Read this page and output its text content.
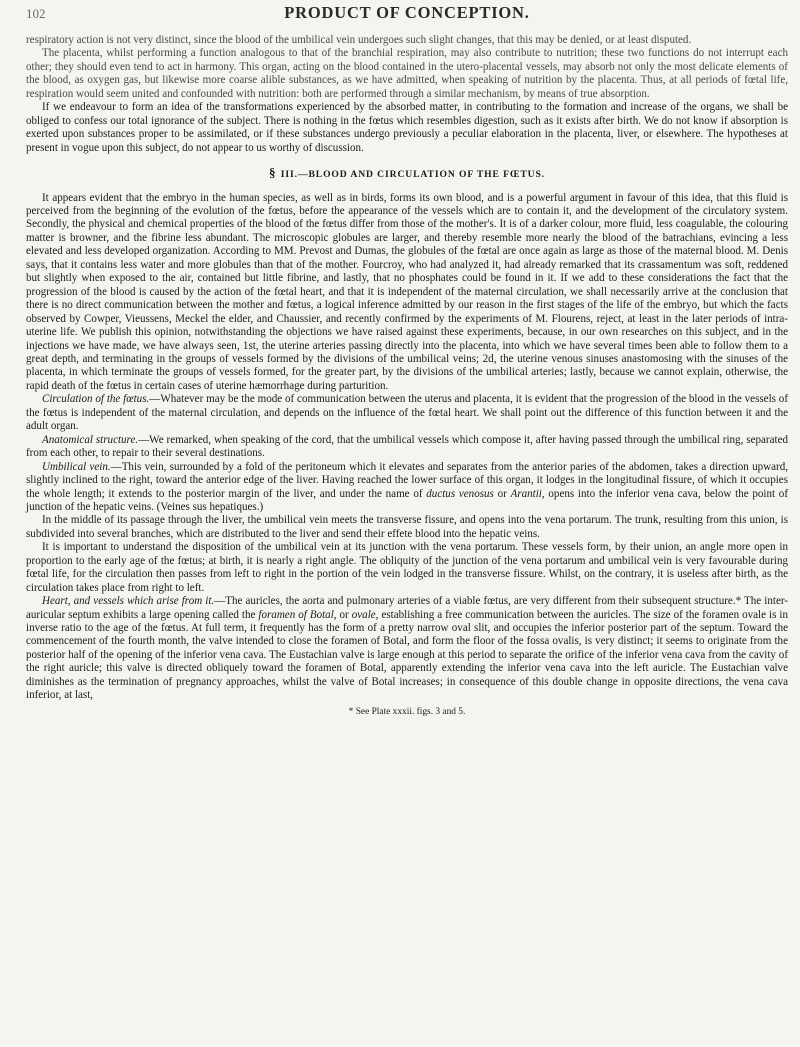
102	PRODUCT OF CONCEPTION.

respiratory action is not very distinct, since the blood of the umbilical vein undergoes such slight changes, that this may be denied, or at least disputed.

The placenta, whilst performing a function analogous to that of the branchial respiration, may also contribute to nutrition; these two functions do not interrupt each other; they should even tend to act in harmony. This organ, acting on the blood contained in the utero-placental vessels, may absorb not only the most delicate elements of the blood, as oxygen gas, but likewise more coarse alible substances, as we have admitted, when speaking of nutrition by the placenta. Thus, at all periods of fœtal life, respiration would seem united and confounded with nutrition: both are performed through a similar mechanism, by means of true absorption.

If we endeavour to form an idea of the transformations experienced by the absorbed matter, in contributing to the formation and increase of the organs, we shall be obliged to confess our total ignorance of the subject. There is nothing in the fœtus which resembles digestion, such as it exists after birth. We do not know if absorption is exerted upon substances proper to be assimilated, or if these substances undergo previously a peculiar elaboration in the placenta, liver, or elsewhere. The hypotheses at present in vogue upon this subject, do not appear to us worthy of discussion.

§ III.—BLOOD AND CIRCULATION OF THE FŒTUS.

It appears evident that the embryo in the human species, as well as in birds, forms its own blood, and is a powerful argument in favour of this idea, that this fluid is perceived from the beginning of the evolution of the fœtus, before the appearance of the vessels which are to contain it, and the development of the circulatory system. Secondly, the physical and chemical properties of the blood of the fœtus differ from those of the mother's. It is of a darker colour, more fluid, less coagulable, the colouring matter is browner, and the fibrine less abundant. The microscopic globules are larger, and thereby resemble more nearly the blood of the batrachians, evincing a less elevated and less developed organization. According to MM. Prevost and Dumas, the globules of the fœtal are once again as large as those of the maternal blood. M. Denis says, that it contains less water and more globules than that of the mother. Fourcroy, who had analyzed it, had already remarked that its crassamentum was soft, reddened but slightly when exposed to the air, contained but little fibrine, and lastly, that no phosphates could be found in it. If we add to these considerations the fact that the progression of the blood is caused by the action of the fœtal heart, and that it is independent of the maternal circulation, we shall necessarily arrive at the conclusion that there is no direct communication between the mother and fœtus, a logical inference admitted by our reason in the first stages of the life of the embryo, but which the facts observed by Cowper, Vieussens, Meckel the elder, and Chaussier, and recently confirmed by the experiments of M. Flourens, reject, at least in the later periods of intra-uterine life. We publish this opinion, notwithstanding the objections we have raised against these experiments, because, in our own researches on this subject, and in the injections we have made, we have always seen, 1st, the uterine arteries passing directly into the placenta, into which we have several times been able to follow them to a great depth, and terminating in the groups of vessels formed by the divisions of the umbilical veins; 2d, the uterine venous sinuses anastomosing with the sinuses of the placenta, in which terminate the groups of vessels formed, for the greater part, by the divisions of the umbilical arteries; lastly, because we cannot explain, otherwise, the rapid death of the fœtus in certain cases of uterine hæmorrhage during parturition.

Circulation of the fœtus.—Whatever may be the mode of communication between the uterus and placenta, it is evident that the progression of the blood in the vessels of the fœtus is independent of the maternal circulation, and depends on the influence of the fœtal heart. We shall point out the difference of this function between it and the adult organ.

Anatomical structure.—We remarked, when speaking of the cord, that the umbilical vessels which compose it, after having passed through the umbilical ring, separated from each other, to repair to their several destinations.

Umbilical vein.—This vein, surrounded by a fold of the peritoneum which it elevates and separates from the anterior paries of the abdomen, takes a direction upward, slightly inclined to the right, toward the anterior edge of the liver. Having reached the lower surface of this organ, it lodges in the longitudinal fissure, of which it occupies the whole length; it extends to the posterior margin of the liver, and under the name of ductus venosus or Arantii, opens into the inferior vena cava, below the point of junction of the hepatic veins. (Veines sus hepatiques.)

In the middle of its passage through the liver, the umbilical vein meets the transverse fissure, and opens into the vena portarum. The trunk, resulting from this union, is subdivided into several branches, which are distributed to the liver and send their effete blood into the hepatic veins.

It is important to understand the disposition of the umbilical vein at its junction with the vena portarum. These vessels form, by their union, an angle more open in proportion to the early age of the fœtus; at birth, it is nearly a right angle. The obliquity of the junction of the vena portarum and umbilical vein is very favourable during fœtal life, for the circulation then passes from left to right in the portion of the vein lodged in the transverse fissure. Whilst, on the contrary, it is useless after birth, as the circulation takes place from right to left.

Heart, and vessels which arise from it.—The auricles, the aorta and pulmonary arteries of a viable fœtus, are very different from their subsequent structure.* The inter-auricular septum exhibits a large opening called the foramen of Botal, or ovale, establishing a free communication between the auricles. The size of the foramen ovale is in inverse ratio to the age of the fœtus. At full term, it frequently has the form of a pretty narrow oval slit, and occupies the inferior posterior part of the septum. Toward the commencement of the fourth month, the valve intended to close the foramen of Botal, and form the floor of the fossa ovalis, is very distinct; it seems to originate from the posterior half of the opening of the inferior vena cava. The Eustachian valve is large enough at this period to separate the orifice of the inferior vena cava from the cavity of the right auricle; this valve is directed obliquely toward the foramen of Botal, apparently extending the inferior vena cava into the left auricle. The Eustachian valve diminishes as the termination of pregnancy approaches, whilst the valve of Botal increases; in consequence of this double change in opposite directions, the vena cava inferior, at last,

* See Plate xxxii. figs. 3 and 5.
